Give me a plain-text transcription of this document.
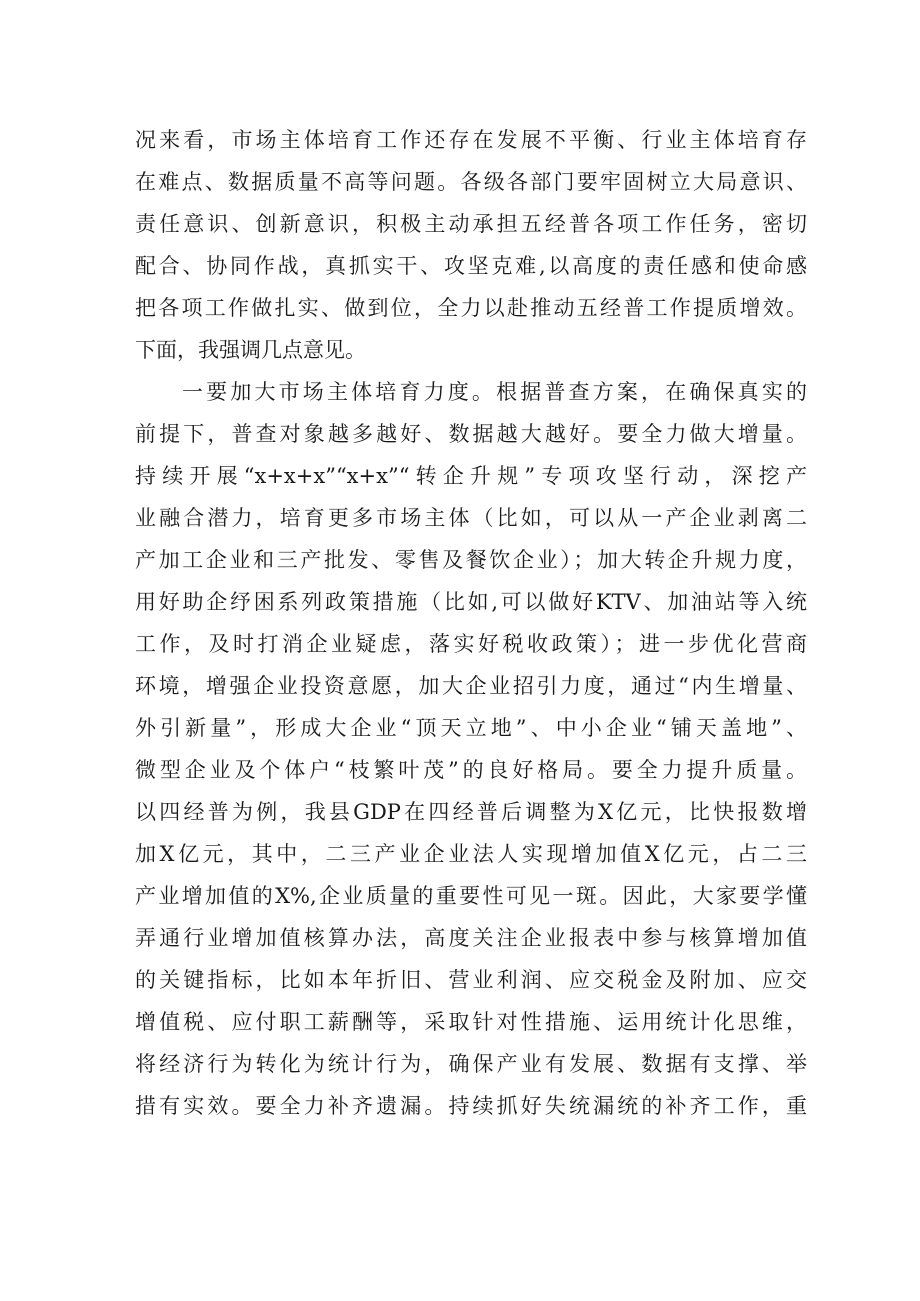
况来看，市场主体培育工作还存在发展不平衡、行业主体培育存
在难点、数据质量不高等问题。各级各部门要牢固树立大局意识、
责任意识、创新意识，积极主动承担五经普各项工作任务，密切
配合、协同作战，真抓实干、攻坚克难,以高度的责任感和使命感
把各项工作做扎实、做到位，全力以赴推动五经普工作提质增效。
下面，我强调几点意见。
一要加大市场主体培育力度。根据普查方案，在确保真实的
前提下，普查对象越多越好、数据越大越好。要全力做大增量。
持续开展“x+x+x”“x+x”“转企升规”专项攻坚行动，深挖产
业融合潜力，培育更多市场主体（比如，可以从一产企业剥离二
产加工企业和三产批发、零售及餐饮企业）；加大转企升规力度，
用好助企纾困系列政策措施（比如,可以做好KTV、加油站等入统
工作，及时打消企业疑虑，落实好税收政策）；进一步优化营商
环境，增强企业投资意愿，加大企业招引力度，通过“内生增量、
外引新量”，形成大企业“顶天立地”、中小企业“铺天盖地”、
微型企业及个体户“枝繁叶茂”的良好格局。要全力提升质量。
以四经普为例，我县GDP在四经普后调整为X亿元，比快报数增
加X亿元，其中，二三产业企业法人实现增加值X亿元，占二三
产业增加值的X%,企业质量的重要性可见一斑。因此，大家要学懂
弄通行业增加值核算办法，高度关注企业报表中参与核算增加值
的关键指标，比如本年折旧、营业利润、应交税金及附加、应交
增值税、应付职工薪酬等，采取针对性措施、运用统计化思维，
将经济行为转化为统计行为，确保产业有发展、数据有支撑、举
措有实效。要全力补齐遗漏。持续抓好失统漏统的补齐工作，重
